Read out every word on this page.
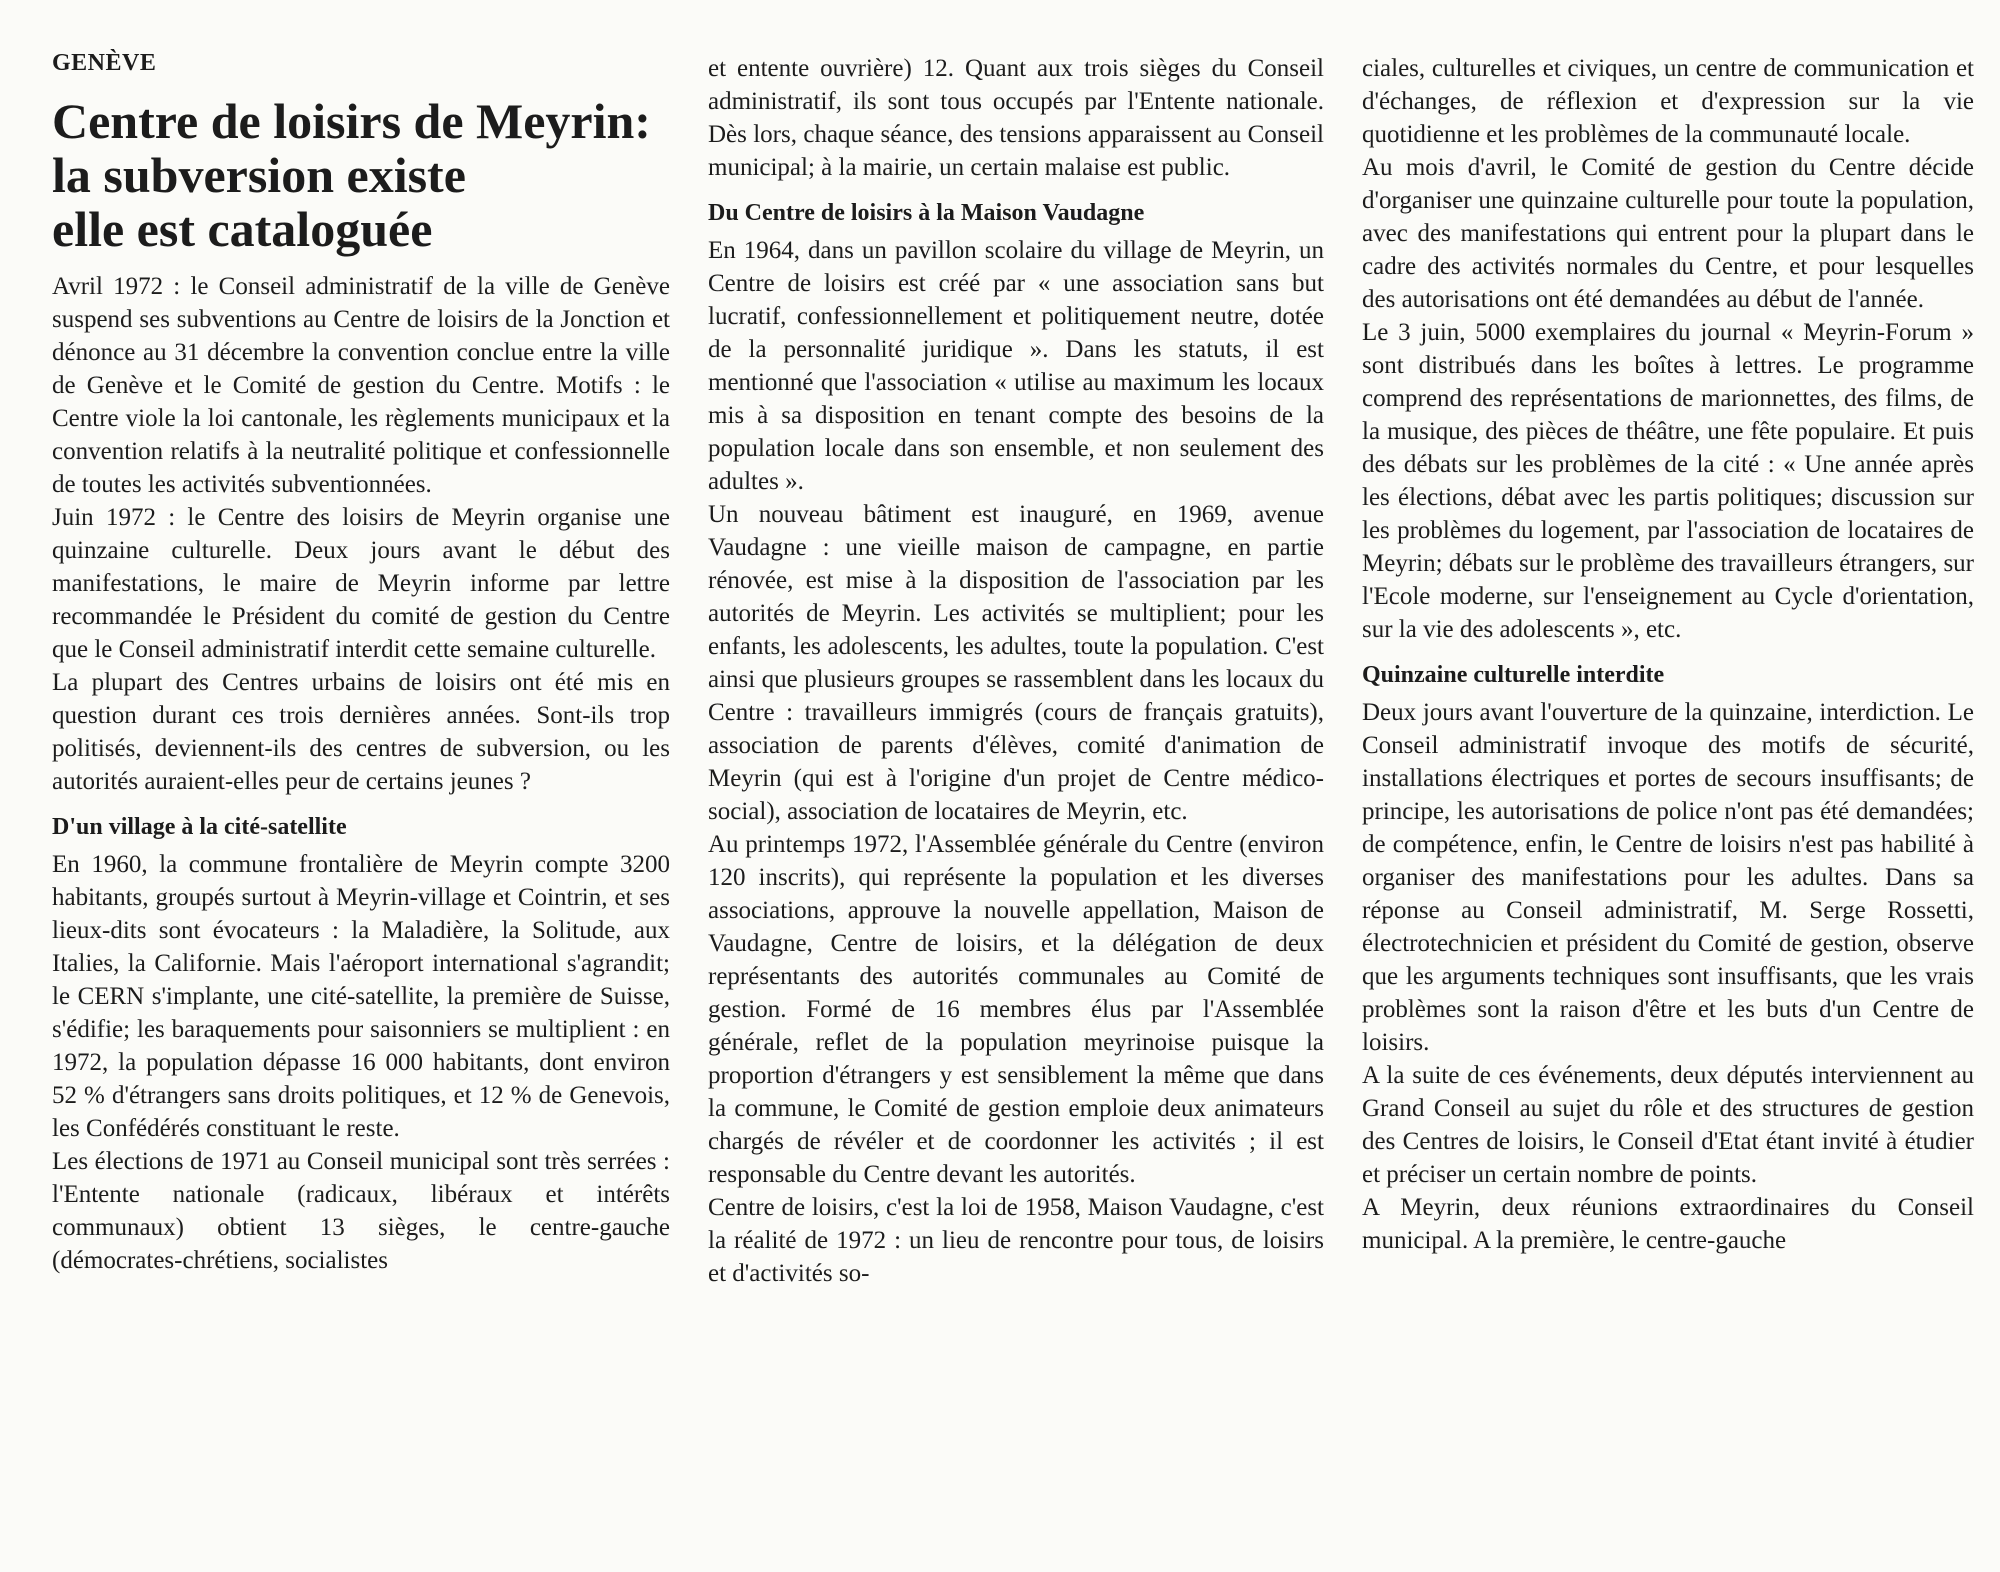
GENÈVE
Centre de loisirs de Meyrin:
la subversion existe
elle est cataloguée

Avril 1972 : le Conseil administratif de la ville de Genève suspend ses subventions au Centre de loisirs de la Jonction et dénonce au 31 décembre la convention conclue entre la ville de Genève et le Comité de gestion du Centre. Motifs : le Centre viole la loi cantonale, les règlements municipaux et la convention relatifs à la neutralité politique et confessionnelle de toutes les activités subventionnées.

Juin 1972 : le Centre des loisirs de Meyrin organise une quinzaine culturelle. Deux jours avant le début des manifestations, le maire de Meyrin informe par lettre recommandée le Président du comité de gestion du Centre que le Conseil administratif interdit cette semaine culturelle.

La plupart des Centres urbains de loisirs ont été mis en question durant ces trois dernières années. Sont-ils trop politisés, deviennent-ils des centres de subversion, ou les autorités auraient-elles peur de certains jeunes ?

D'un village à la cité-satellite

En 1960, la commune frontalière de Meyrin compte 3200 habitants, groupés surtout à Meyrin-village et Cointrin, et ses lieux-dits sont évocateurs : la Maladière, la Solitude, aux Italies, la Californie. Mais l'aéroport international s'agrandit; le CERN s'implante, une cité-satellite, la première de Suisse, s'édifie; les baraquements pour saisonniers se multiplient : en 1972, la population dépasse 16 000 habitants, dont environ 52 % d'étrangers sans droits politiques, et 12 % de Genevois, les Confédérés constituant le reste.

Les élections de 1971 au Conseil municipal sont très serrées : l'Entente nationale (radicaux, libéraux et intérêts communaux) obtient 13 sièges, le centre-gauche (démocrates-chrétiens, socialistes

et entente ouvrière) 12. Quant aux trois sièges du Conseil administratif, ils sont tous occupés par l'Entente nationale. Dès lors, chaque séance, des tensions apparaissent au Conseil municipal; à la mairie, un certain malaise est public.

Du Centre de loisirs à la Maison Vaudagne

En 1964, dans un pavillon scolaire du village de Meyrin, un Centre de loisirs est créé par « une association sans but lucratif, confessionnellement et politiquement neutre, dotée de la personnalité juridique ». Dans les statuts, il est mentionné que l'association « utilise au maximum les locaux mis à sa disposition en tenant compte des besoins de la population locale dans son ensemble, et non seulement des adultes ».

Un nouveau bâtiment est inauguré, en 1969, avenue Vaudagne : une vieille maison de campagne, en partie rénovée, est mise à la disposition de l'association par les autorités de Meyrin. Les activités se multiplient; pour les enfants, les adolescents, les adultes, toute la population. C'est ainsi que plusieurs groupes se rassemblent dans les locaux du Centre : travailleurs immigrés (cours de français gratuits), association de parents d'élèves, comité d'animation de Meyrin (qui est à l'origine d'un projet de Centre médico-social), association de locataires de Meyrin, etc.

Au printemps 1972, l'Assemblée générale du Centre (environ 120 inscrits), qui représente la population et les diverses associations, approuve la nouvelle appellation, Maison de Vaudagne, Centre de loisirs, et la délégation de deux représentants des autorités communales au Comité de gestion. Formé de 16 membres élus par l'Assemblée générale, reflet de la population meyrinoise puisque la proportion d'étrangers y est sensiblement la même que dans la commune, le Comité de gestion emploie deux animateurs chargés de révéler et de coordonner les activités ; il est responsable du Centre devant les autorités.

Centre de loisirs, c'est la loi de 1958, Maison Vaudagne, c'est la réalité de 1972 : un lieu de rencontre pour tous, de loisirs et d'activités so-

ciales, culturelles et civiques, un centre de communication et d'échanges, de réflexion et d'expression sur la vie quotidienne et les problèmes de la communauté locale.

Au mois d'avril, le Comité de gestion du Centre décide d'organiser une quinzaine culturelle pour toute la population, avec des manifestations qui entrent pour la plupart dans le cadre des activités normales du Centre, et pour lesquelles des autorisations ont été demandées au début de l'année.

Le 3 juin, 5000 exemplaires du journal « Meyrin-Forum » sont distribués dans les boîtes à lettres. Le programme comprend des représentations de marionnettes, des films, de la musique, des pièces de théâtre, une fête populaire. Et puis des débats sur les problèmes de la cité : « Une année après les élections, débat avec les partis politiques; discussion sur les problèmes du logement, par l'association de locataires de Meyrin; débats sur le problème des travailleurs étrangers, sur l'Ecole moderne, sur l'enseignement au Cycle d'orientation, sur la vie des adolescents », etc.

Quinzaine culturelle interdite

Deux jours avant l'ouverture de la quinzaine, interdiction. Le Conseil administratif invoque des motifs de sécurité, installations électriques et portes de secours insuffisants; de principe, les autorisations de police n'ont pas été demandées; de compétence, enfin, le Centre de loisirs n'est pas habilité à organiser des manifestations pour les adultes. Dans sa réponse au Conseil administratif, M. Serge Rossetti, électrotechnicien et président du Comité de gestion, observe que les arguments techniques sont insuffisants, que les vrais problèmes sont la raison d'être et les buts d'un Centre de loisirs.

A la suite de ces événements, deux députés interviennent au Grand Conseil au sujet du rôle et des structures de gestion des Centres de loisirs, le Conseil d'Etat étant invité à étudier et préciser un certain nombre de points.

A Meyrin, deux réunions extraordinaires du Conseil municipal. A la première, le centre-gauche
